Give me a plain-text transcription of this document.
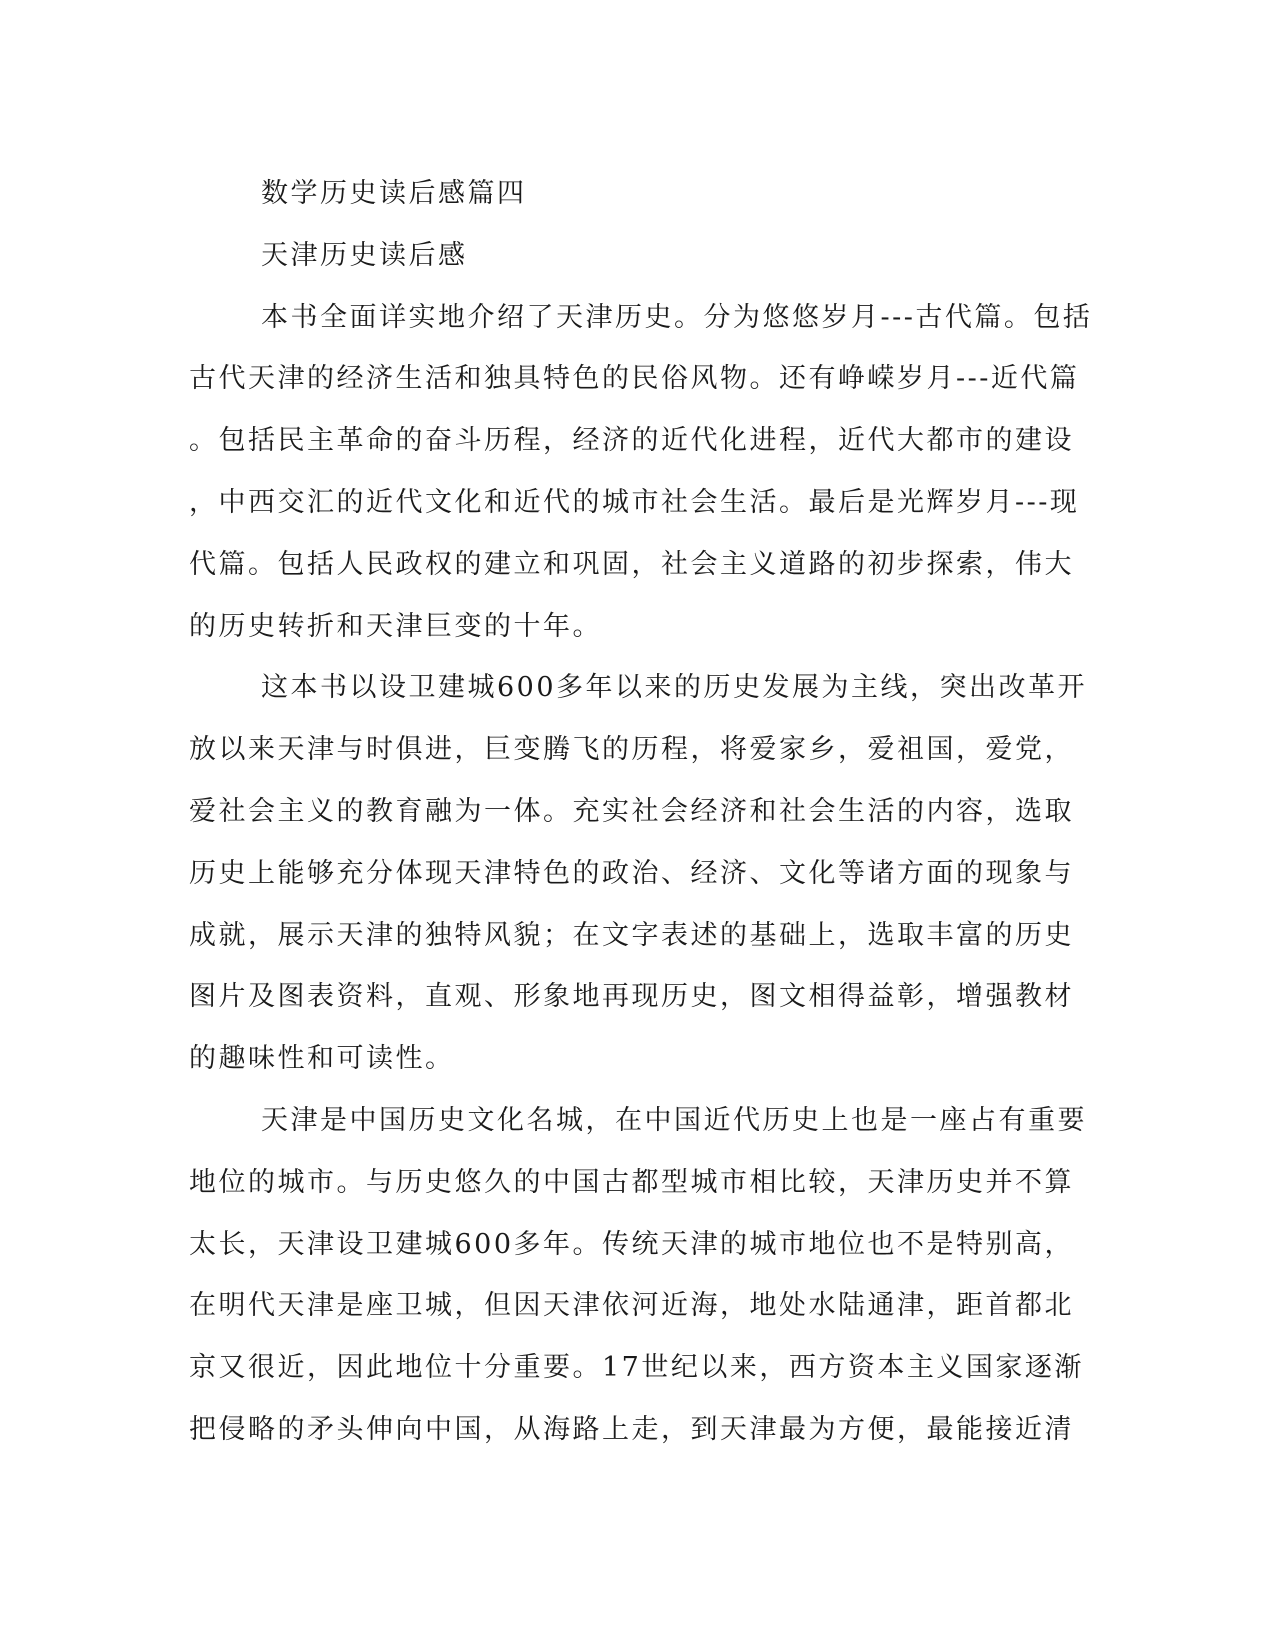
数学历史读后感篇四
天津历史读后感
本书全面详实地介绍了天津历史。分为悠悠岁月---古代篇。包括
古代天津的经济生活和独具特色的民俗风物。还有峥嵘岁月---近代篇
。包括民主革命的奋斗历程，经济的近代化进程，近代大都市的建设
，中西交汇的近代文化和近代的城市社会生活。最后是光辉岁月---现
代篇。包括人民政权的建立和巩固，社会主义道路的初步探索，伟大
的历史转折和天津巨变的十年。
这本书以设卫建城600多年以来的历史发展为主线，突出改革开
放以来天津与时俱进，巨变腾飞的历程，将爱家乡，爱祖国，爱党，
爱社会主义的教育融为一体。充实社会经济和社会生活的内容，选取
历史上能够充分体现天津特色的政治、经济、文化等诸方面的现象与
成就，展示天津的独特风貌；在文字表述的基础上，选取丰富的历史
图片及图表资料，直观、形象地再现历史，图文相得益彰，增强教材
的趣味性和可读性。
天津是中国历史文化名城，在中国近代历史上也是一座占有重要
地位的城市。与历史悠久的中国古都型城市相比较，天津历史并不算
太长，天津设卫建城600多年。传统天津的城市地位也不是特别高，
在明代天津是座卫城，但因天津依河近海，地处水陆通津，距首都北
京又很近，因此地位十分重要。17世纪以来，西方资本主义国家逐渐
把侵略的矛头伸向中国，从海路上走，到天津最为方便，最能接近清
